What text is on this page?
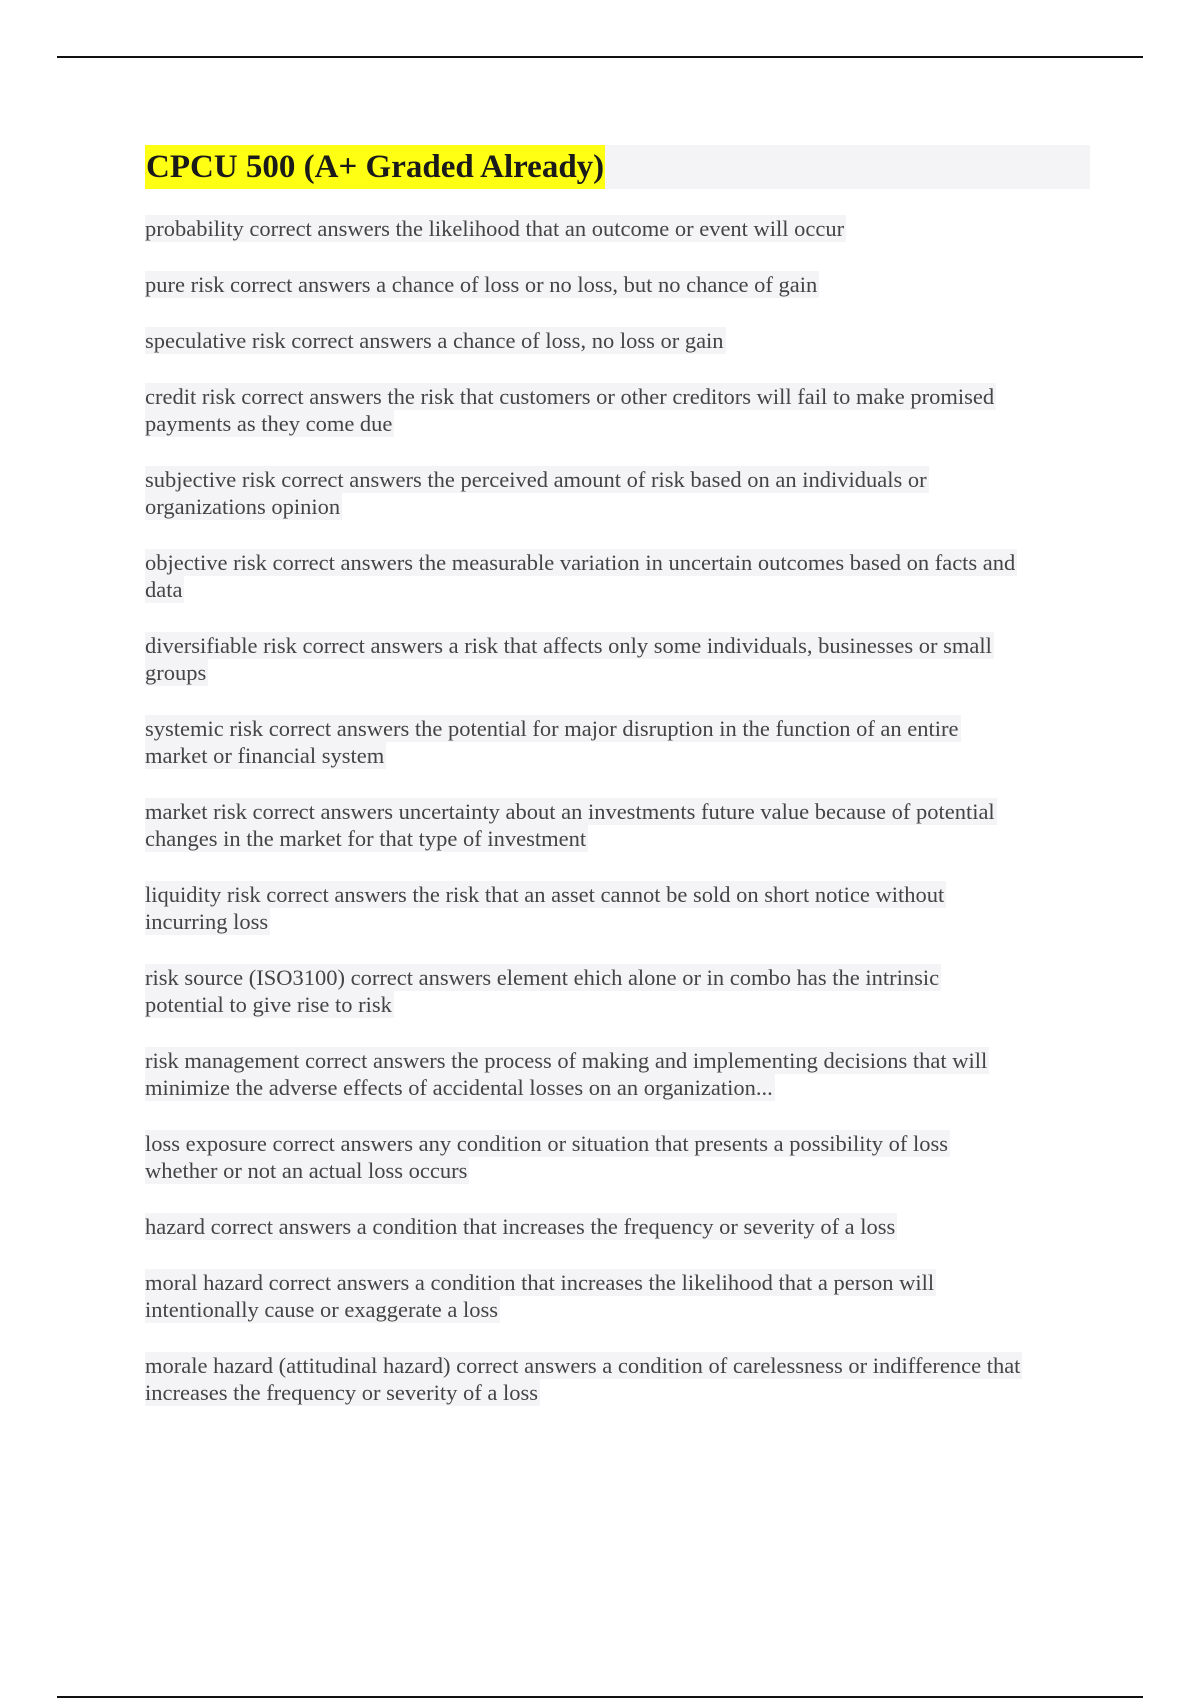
CPCU 500 (A+ Graded Already)
probability correct answers the likelihood that an outcome or event will occur
pure risk correct answers a chance of loss or no loss, but no chance of gain
speculative risk correct answers a chance of loss, no loss or gain
credit risk correct answers the risk that customers or other creditors will fail to make promised
payments as they come due
subjective risk correct answers the perceived amount of risk based on an individuals or
organizations opinion
objective risk correct answers the measurable variation in uncertain outcomes based on facts and
data
diversifiable risk correct answers a risk that affects only some individuals, businesses or small
groups
systemic risk correct answers the potential for major disruption in the function of an entire
market or financial system
market risk correct answers uncertainty about an investments future value because of potential
changes in the market for that type of investment
liquidity risk correct answers the risk that an asset cannot be sold on short notice without
incurring loss
risk source (ISO3100) correct answers element ehich alone or in combo has the intrinsic
potential to give rise to risk
risk management correct answers the process of making and implementing decisions that will
minimize the adverse effects of accidental losses on an organization...
loss exposure correct answers any condition or situation that presents a possibility of loss
whether or not an actual loss occurs
hazard correct answers a condition that increases the frequency or severity of a loss
moral hazard correct answers a condition that increases the likelihood that a person will
intentionally cause or exaggerate a loss
morale hazard (attitudinal hazard) correct answers a condition of carelessness or indifference that
increases the frequency or severity of a loss
